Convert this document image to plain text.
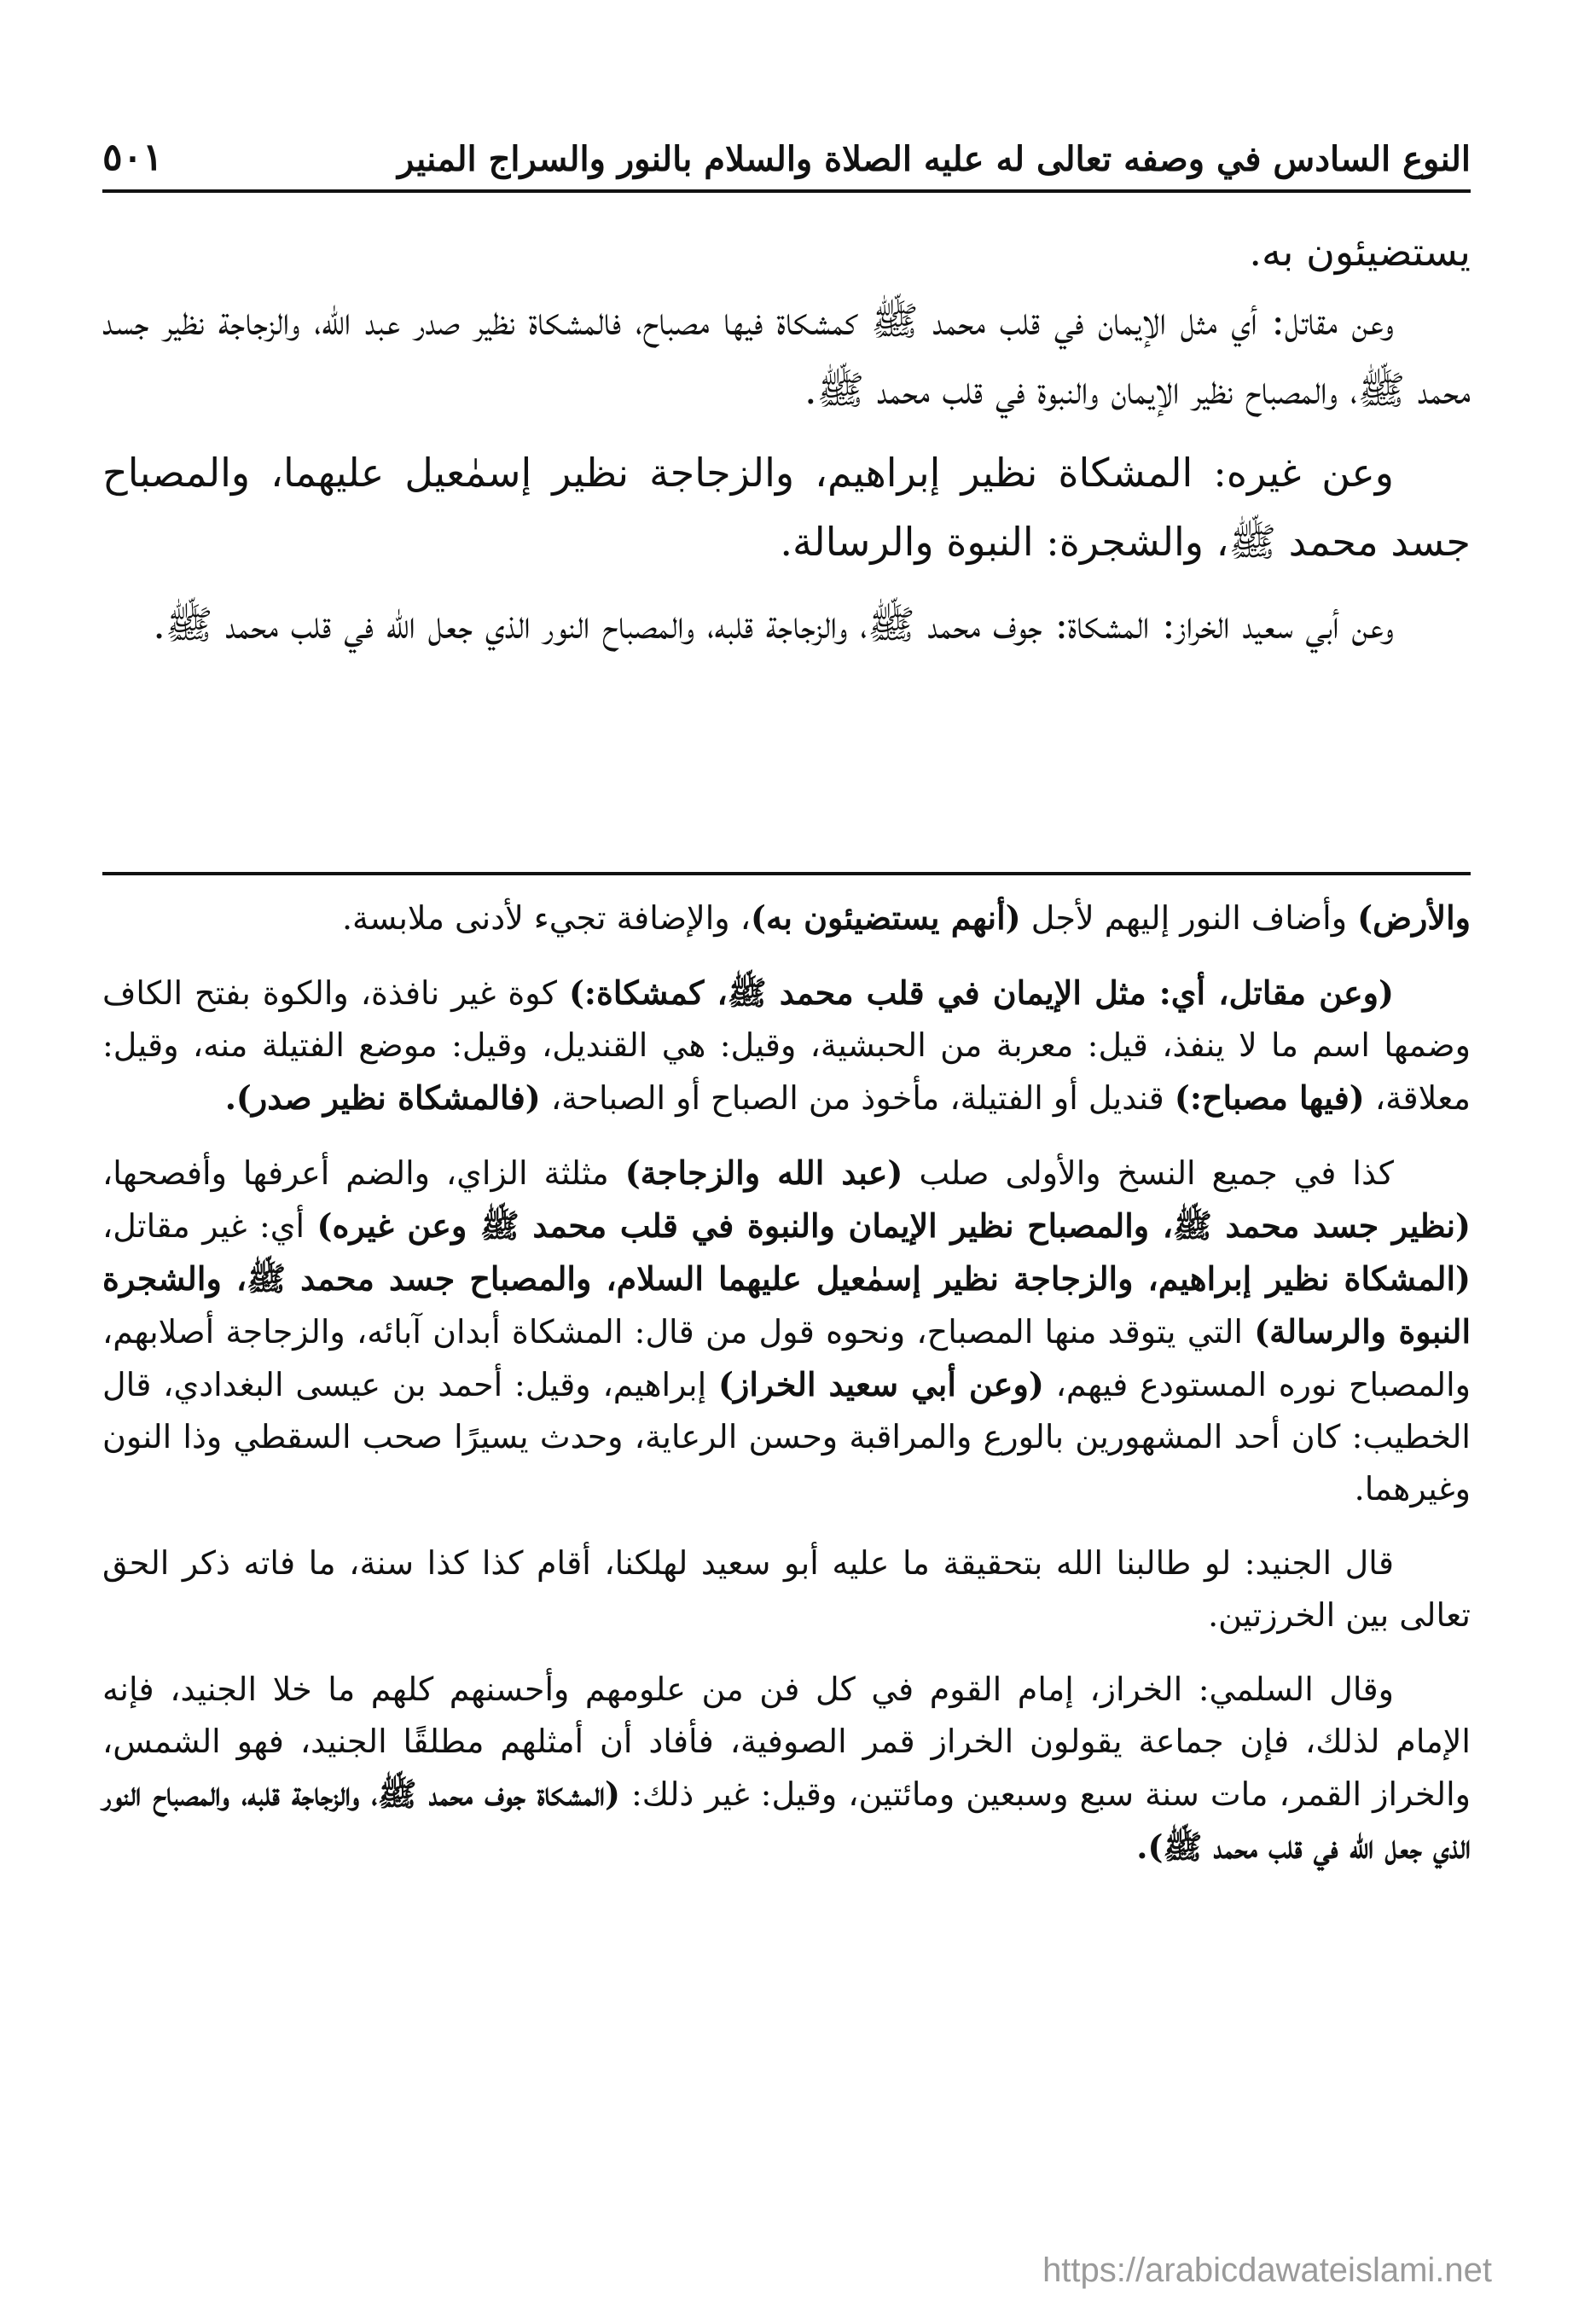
النوع السادس في وصفه تعالى له عليه الصلاة والسلام بالنور والسراج المنير
٥٠١

يستضيئون به.

وعن مقاتل: أي مثل الإيمان في قلب محمد ﷺ كمشكاة فيها مصباح، فالمشكاة نظير صدر عبد الله، والزجاجة نظير جسد محمد ﷺ، والمصباح نظير الإيمان والنبوة في قلب محمد ﷺ.

وعن غيره: المشكاة نظير إبراهيم، والزجاجة نظير إسمٰعيل عليهما، والمصباح جسد محمد ﷺ، والشجرة: النبوة والرسالة.

وعن أبي سعيد الخراز: المشكاة: جوف محمد ﷺ، والزجاجة قلبه، والمصباح النور الذي جعل الله في قلب محمد ﷺ.

والأرض) وأضاف النور إليهم لأجل (أنهم يستضيئون به)، والإضافة تجيء لأدنى ملابسة.

(وعن مقاتل، أي: مثل الإيمان في قلب محمد ﷺ، كمشكاة:) كوة غير نافذة، والكوة بفتح الكاف وضمها اسم ما لا ينفذ، قيل: معربة من الحبشية، وقيل: هي القنديل، وقيل: موضع الفتيلة منه، وقيل: معلاقة، (فيها مصباح:) قنديل أو الفتيلة، مأخوذ من الصباح أو الصباحة، (فالمشكاة نظير صدر).

كذا في جميع النسخ والأولى صلب (عبد الله والزجاجة) مثلثة الزاي، والضم أعرفها وأفصحها، (نظير جسد محمد ﷺ، والمصباح نظير الإيمان والنبوة في قلب محمد ﷺ وعن غيره) أي: غير مقاتل، (المشكاة نظير إبراهيم، والزجاجة نظير إسمٰعيل عليهما السلام، والمصباح جسد محمد ﷺ، والشجرة النبوة والرسالة) التي يتوقد منها المصباح، ونحوه قول من قال: المشكاة أبدان آبائه، والزجاجة أصلابهم، والمصباح نوره المستودع فيهم، (وعن أبي سعيد الخراز) إبراهيم، وقيل: أحمد بن عيسى البغدادي، قال الخطيب: كان أحد المشهورين بالورع والمراقبة وحسن الرعاية، وحدث يسيرًا صحب السقطي وذا النون وغيرهما.

قال الجنيد: لو طالبنا الله بتحقيقة ما عليه أبو سعيد لهلكنا، أقام كذا كذا سنة، ما فاته ذكر الحق تعالى بين الخرزتين.

وقال السلمي: الخراز، إمام القوم في كل فن من علومهم وأحسنهم كلهم ما خلا الجنيد، فإنه الإمام لذلك، فإن جماعة يقولون الخراز قمر الصوفية، فأفاد أن أمثلهم مطلقًا الجنيد، فهو الشمس، والخراز القمر، مات سنة سبع وسبعين ومائتين، وقيل: غير ذلك: (المشكاة جوف محمد ﷺ، والزجاجة قلبه، والمصباح النور الذي جعل الله في قلب محمد ﷺ).

https://arabicdawateislami.net
